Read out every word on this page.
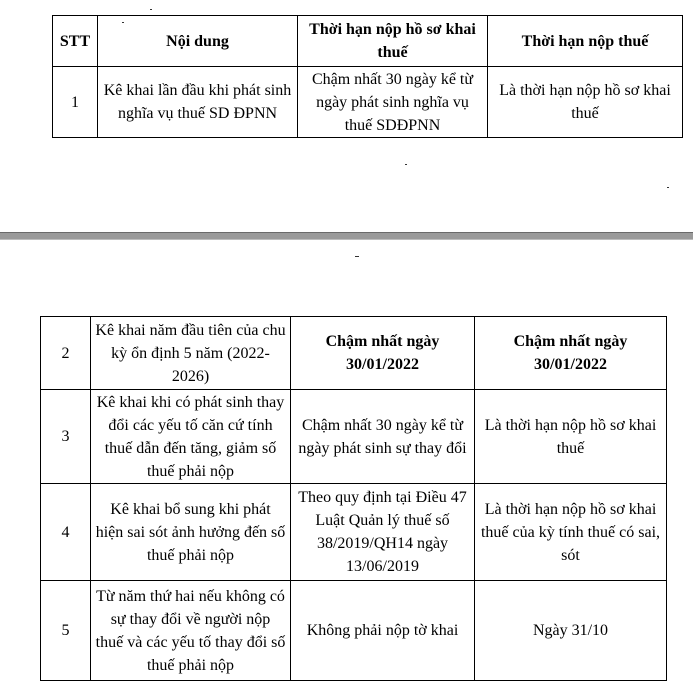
STT	Nội dung	Thời hạn nộp hồ sơ khai thuế	Thời hạn nộp thuế
1	Kê khai lần đầu khi phát sinh nghĩa vụ thuế SD ĐPNN	Chậm nhất 30 ngày kể từ ngày phát sinh nghĩa vụ thuế SDĐPNN	Là thời hạn nộp hồ sơ khai thuế
2	Kê khai năm đầu tiên của chu kỳ ổn định 5 năm (2022-2026)	Chậm nhất ngày 30/01/2022	Chậm nhất ngày 30/01/2022
3	Kê khai khi có phát sinh thay đổi các yếu tố căn cứ tính thuế dẫn đến tăng, giảm số thuế phải nộp	Chậm nhất 30 ngày kể từ ngày phát sinh sự thay đổi	Là thời hạn nộp hồ sơ khai thuế
4	Kê khai bổ sung khi phát hiện sai sót ảnh hưởng đến số thuế phải nộp	Theo quy định tại Điều 47 Luật Quản lý thuế số 38/2019/QH14 ngày 13/06/2019	Là thời hạn nộp hồ sơ khai thuế của kỳ tính thuế có sai, sót
5	Từ năm thứ hai nếu không có sự thay đổi về người nộp thuế và các yếu tố thay đổi số thuế phải nộp	Không phải nộp tờ khai	Ngày 31/10
